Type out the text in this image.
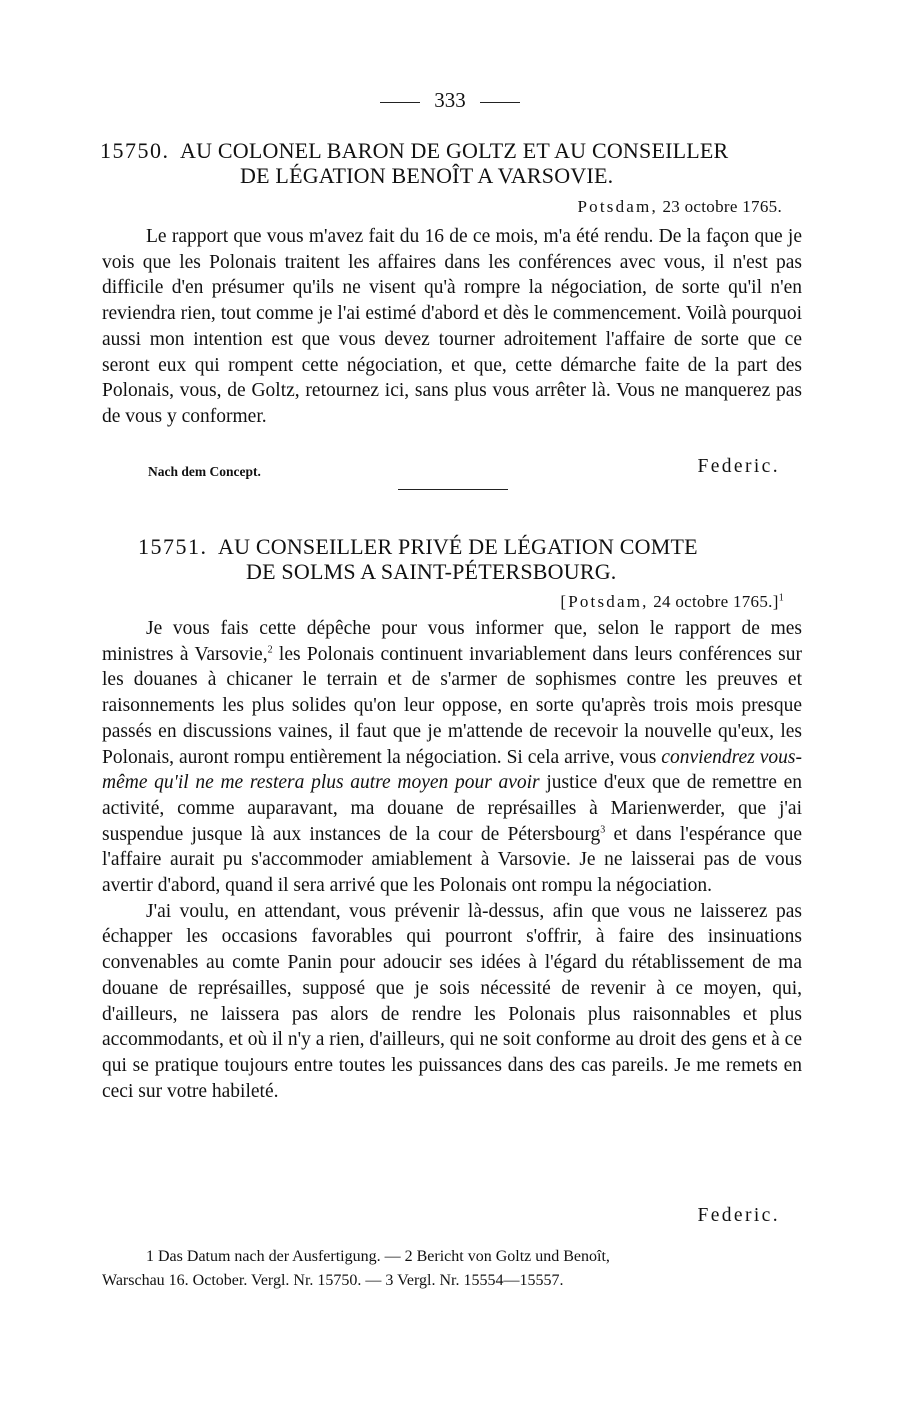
333
15750. AU COLONEL BARON DE GOLTZ ET AU CONSEILLER
DE LÉGATION BENOÎT A VARSOVIE.
Potsdam, 23 octobre 1765.

Le rapport que vous m'avez fait du 16 de ce mois, m'a été rendu. De la façon que je vois que les Polonais traitent les affaires dans les conférences avec vous, il n'est pas difficile d'en présumer qu'ils ne visent qu'à rompre la négociation, de sorte qu'il n'en reviendra rien, tout comme je l'ai estimé d'abord et dès le commencement. Voilà pourquoi aussi mon intention est que vous devez tourner adroitement l'affaire de sorte que ce seront eux qui rompent cette négociation, et que, cette démarche faite de la part des Polonais, vous, de Goltz, retournez ici, sans plus vous arrêter là. Vous ne manquerez pas de vous y conformer.

Nach dem Concept.	Federic.
15751. AU CONSEILLER PRIVÉ DE LÉGATION COMTE
DE SOLMS A SAINT-PÉTERSBOURG.
[Potsdam, 24 octobre 1765.]$^1$

Je vous fais cette dépêche pour vous informer que, selon le rapport de mes ministres à Varsovie,$^2$ les Polonais continuent invariablement dans leurs conférences sur les douanes à chicaner le terrain et de s'armer de sophismes contre les preuves et raisonnements les plus solides qu'on leur oppose, en sorte qu'après trois mois presque passés en discussions vaines, il faut que je m'attende de recevoir la nouvelle qu'eux, les Polonais, auront rompu entièrement la négociation. Si cela arrive, vous conviendrez vous-même qu'il ne me restera plus autre moyen pour avoir justice d'eux que de remettre en activité, comme auparavant, ma douane de représailles à Marienwerder, que j'ai suspendue jusque là aux instances de la cour de Pétersbourg$^3$ et dans l'espérance que l'affaire aurait pu s'accommoder amiablement à Varsovie. Je ne laisserai pas de vous avertir d'abord, quand il sera arrivé que les Polonais ont rompu la négociation.

J'ai voulu, en attendant, vous prévenir là-dessus, afin que vous ne laisserez pas échapper les occasions favorables qui pourront s'offrir, à faire des insinuations convenables au comte Panin pour adoucir ses idées à l'égard du rétablissement de ma douane de représailles, supposé que je sois nécessité de revenir à ce moyen, qui, d'ailleurs, ne laissera pas alors de rendre les Polonais plus raisonnables et plus accommodants, et où il n'y a rien, d'ailleurs, qui ne soit conforme au droit des gens et à ce qui se pratique toujours entre toutes les puissances dans des cas pareils. Je me remets en ceci sur votre habileté.

Federic.
1 Das Datum nach der Ausfertigung. — 2 Bericht von Goltz und Benoît,
Warschau 16. October. Vergl. Nr. 15750. — 3 Vergl. Nr. 15554—15557.
